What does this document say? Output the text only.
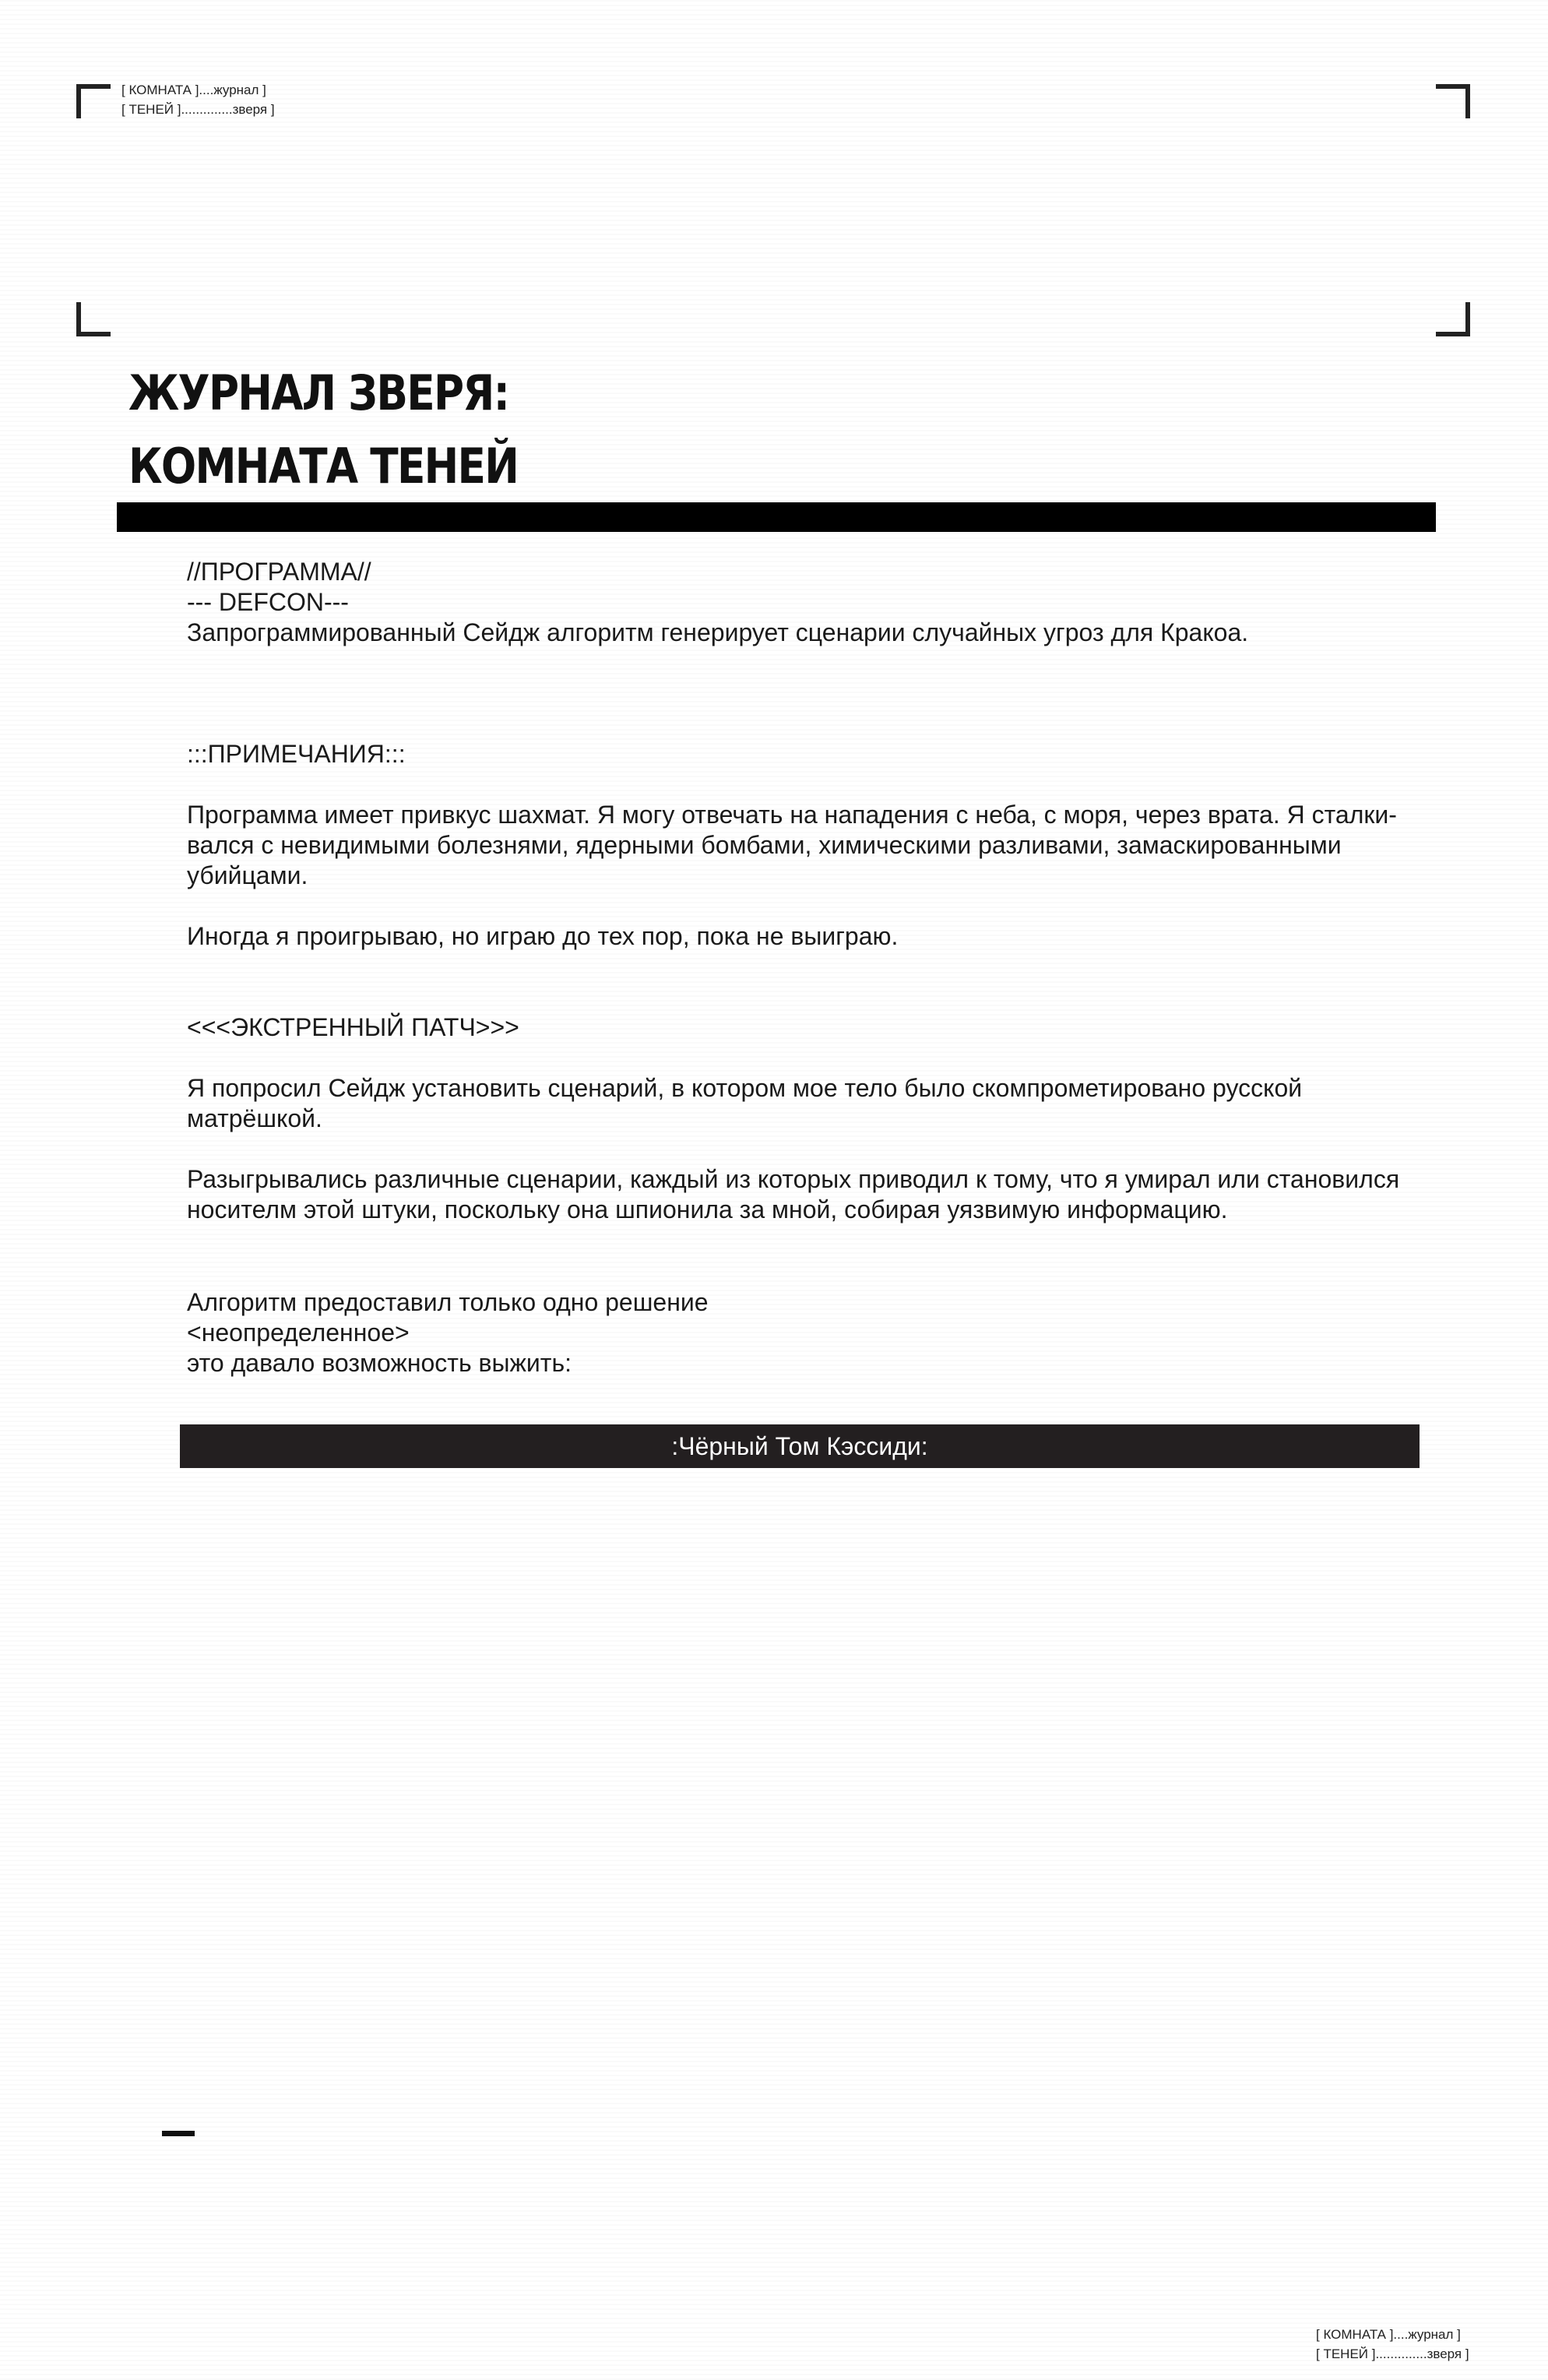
[ КОМНАТА ]....журнал ]
[ ТЕНЕЙ ]..............зверя ]
ЖУРНАЛ ЗВЕРЯ:
КОМНАТА ТЕНЕЙ

//ПРОГРАММА//

--- DEFCON---

Запрограммированный Сейдж алгоритм генерирует сценарии случайных угроз для Кракоа.

:::ПРИМЕЧАНИЯ:::

Программа имеет привкус шахмат. Я могу отвечать на нападения с неба, с моря, через врата. Я сталки- вался с невидимыми болезнями, ядерными бомбами, химическими разливами, замаскированными убийцами.

Иногда я проигрываю, но играю до тех пор, пока не выиграю.

<<<ЭКСТРЕННЫЙ ПАТЧ>>>

Я попросил Сейдж установить сценарий, в котором мое тело было скомпрометировано русской матрёшкой.

Разыгрывались различные сценарии, каждый из которых приводил к тому, что я умирал или становился носителм этой штуки, поскольку она шпионила за мной, собирая уязвимую информацию.

Алгоритм предоставил только одно решение

<неопределенное>

это давало возможность выжить:

:Чёрный Том Кэссиди:
[ КОМНАТА ]....журнал ]
[ ТЕНЕЙ ]..............зверя ]
